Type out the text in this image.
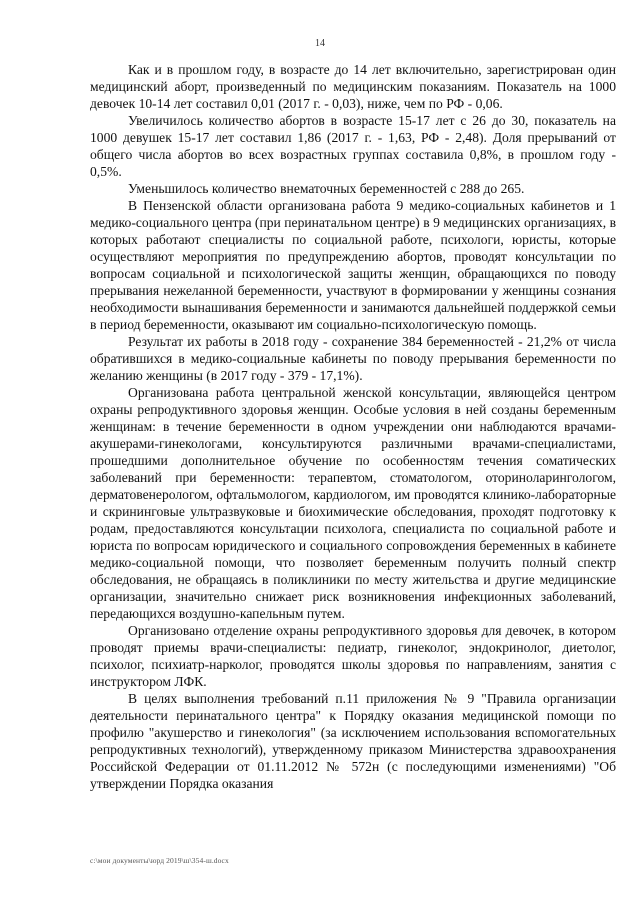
14

Как и в прошлом году, в возрасте до 14 лет включительно, зарегистрирован один медицинский аборт, произведенный по медицинским показаниям. Показатель на 1000 девочек 10-14 лет составил 0,01 (2017 г. - 0,03), ниже, чем по РФ - 0,06.

Увеличилось количество абортов в возрасте 15-17 лет с 26 до 30, показатель на 1000 девушек 15-17 лет составил 1,86 (2017 г. - 1,63, РФ - 2,48). Доля прерываний от общего числа абортов во всех возрастных группах составила 0,8%, в прошлом году - 0,5%.

Уменьшилось количество внематочных беременностей с 288 до 265.

В Пензенской области организована работа 9 медико-социальных кабинетов и 1 медико-социального центра (при перинатальном центре) в 9 медицинских организациях, в которых работают специалисты по социальной работе, психологи, юристы, которые осуществляют мероприятия по предупреждению абортов, проводят консультации по вопросам социальной и психологической защиты женщин, обращающихся по поводу прерывания нежеланной беременности, участвуют в формировании у женщины сознания необходимости вынашивания беременности и занимаются дальнейшей поддержкой семьи в период беременности, оказывают им социально-психологическую помощь.

Результат их работы в 2018 году - сохранение 384 беременностей - 21,2% от числа обратившихся в медико-социальные кабинеты по поводу прерывания беременности по желанию женщины (в 2017 году - 379 - 17,1%).

Организована работа центральной женской консультации, являющейся центром охраны репродуктивного здоровья женщин. Особые условия в ней созданы беременным женщинам: в течение беременности в одном учреждении они наблюдаются врачами-акушерами-гинекологами, консультируются различными врачами-специалистами, прошедшими дополнительное обучение по особенностям течения соматических заболеваний при беременности: терапевтом, стоматологом, оториноларингологом, дерматовенерологом, офтальмологом, кардиологом, им проводятся клинико-лабораторные и скрининговые ультразвуковые и биохимические обследования, проходят подготовку к родам, предоставляются консультации психолога, специалиста по социальной работе и юриста по вопросам юридического и социального сопровождения беременных в кабинете медико-социальной помощи, что позволяет беременным получить полный спектр обследования, не обращаясь в поликлиники по месту жительства и другие медицинские организации, значительно снижает риск возникновения инфекционных заболеваний, передающихся воздушно-капельным путем.

Организовано отделение охраны репродуктивного здоровья для девочек, в котором проводят приемы врачи-специалисты: педиатр, гинеколог, эндокринолог, диетолог, психолог, психиатр-нарколог, проводятся школы здоровья по направлениям, занятия с инструктором ЛФК.

В целях выполнения требований п.11 приложения № 9 "Правила организации деятельности перинатального центра" к Порядку оказания медицинской помощи по профилю "акушерство и гинекология" (за исключением использования вспомогательных репродуктивных технологий), утвержденному приказом Министерства здравоохранения Российской Федерации от 01.11.2012 № 572н (с последующими изменениями) "Об утверждении Порядка оказания

c:\мои документы\юрд 2019\ш\354-ш.docx
